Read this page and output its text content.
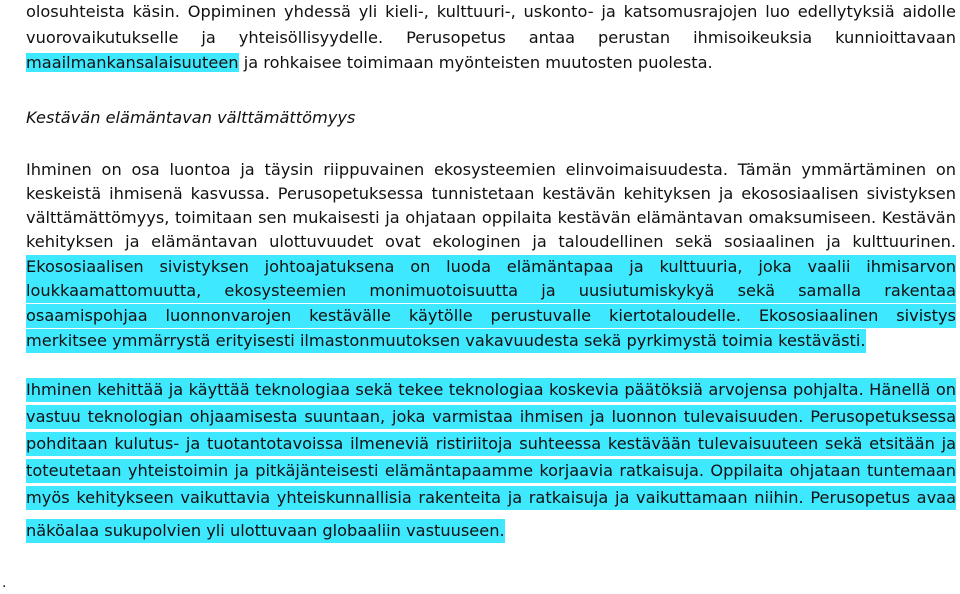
olosuhteista käsin. Oppiminen yhdessä yli kieli-, kulttuuri-, uskonto- ja katsomusrajojen luo edellytyksiä aidolle
vuorovaikutukselle ja yhteisöllisyydelle. Perusopetus antaa perustan ihmisoikeuksia kunnioittavaan
maailmankansalaisuuteen ja rohkaisee toimimaan myönteisten muutosten puolesta.
Kestävän elämäntavan välttämättömyys
Ihminen on osa luontoa ja täysin riippuvainen ekosysteemien elinvoimaisuudesta. Tämän ymmärtäminen on
keskeistä ihmisenä kasvussa. Perusopetuksessa tunnistetaan kestävän kehityksen ja ekososiaalisen sivistyksen
välttämättömyys, toimitaan sen mukaisesti ja ohjataan oppilaita kestävän elämäntavan omaksumiseen. Kestävän
kehityksen ja elämäntavan ulottuvuudet ovat ekologinen ja taloudellinen sekä sosiaalinen ja kulttuurinen.
Ekososiaalisen sivistyksen johtoajatuksena on luoda elämäntapaa ja kulttuuria, joka vaalii ihmisarvon
loukkaamattomuutta, ekosysteemien monimuotoisuutta ja uusiutumiskykyä sekä samalla rakentaa
osaamispohjaa luonnonvarojen kestävälle käytölle perustuvalle kiertotaloudelle. Ekososiaalinen sivistys
merkitsee ymmärrystä erityisesti ilmastonmuutoksen vakavuudesta sekä pyrkimystä toimia kestävästi.
Ihminen kehittää ja käyttää teknologiaa sekä tekee teknologiaa koskevia päätöksiä arvojensa pohjalta. Hänellä on
vastuu teknologian ohjaamisesta suuntaan, joka varmistaa ihmisen ja luonnon tulevaisuuden. Perusopetuksessa
pohditaan kulutus- ja tuotantotavoissa ilmeneviä ristiriitoja suhteessa kestävään tulevaisuuteen sekä etsitään ja
toteutetaan yhteistoimin ja pitkäjänteisesti elämäntapaamme korjaavia ratkaisuja. Oppilaita ohjataan tuntemaan
myös kehitykseen vaikuttavia yhteiskunnallisia rakenteita ja ratkaisuja ja vaikuttamaan niihin. Perusopetus avaa
näköalaa sukupolvien yli ulottuvaan globaaliin vastuuseen.
.
